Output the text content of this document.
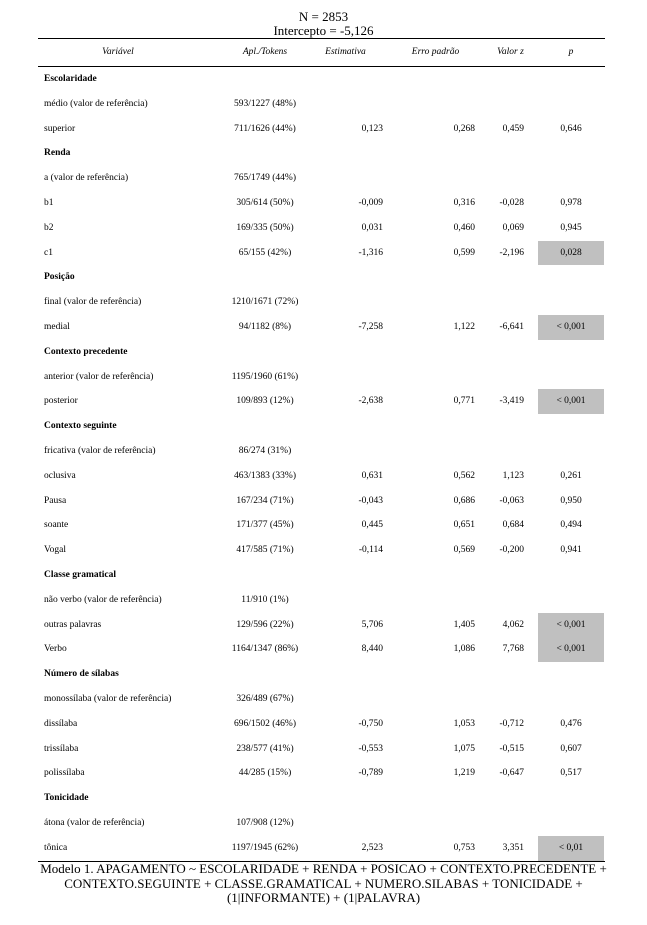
N = 2853
Intercepto = -5,126
Variável	Apl./Tokens	Estimativa	Erro padrão	Valor z	p
Escolaridade
médio (valor de referência)	593/1227 (48%)
superior	711/1626 (44%)	0,123	0,268	0,459	0,646
Renda
a (valor de referência)	765/1749 (44%)
b1	305/614 (50%)	-0,009	0,316	-0,028	0,978
b2	169/335 (50%)	0,031	0,460	0,069	0,945
c1	65/155 (42%)	-1,316	0,599	-2,196	0,028
Posição
final (valor de referência)	1210/1671 (72%)
medial	94/1182 (8%)	-7,258	1,122	-6,641	< 0,001
Contexto precedente
anterior (valor de referência)	1195/1960 (61%)
posterior	109/893 (12%)	-2,638	0,771	-3,419	< 0,001
Contexto seguinte
fricativa (valor de referência)	86/274 (31%)
oclusiva	463/1383 (33%)	0,631	0,562	1,123	0,261
Pausa	167/234 (71%)	-0,043	0,686	-0,063	0,950
soante	171/377 (45%)	0,445	0,651	0,684	0,494
Vogal	417/585 (71%)	-0,114	0,569	-0,200	0,941
Classe gramatical
não verbo (valor de referência)	11/910 (1%)
outras palavras	129/596 (22%)	5,706	1,405	4,062	< 0,001
Verbo	1164/1347 (86%)	8,440	1,086	7,768	< 0,001
Número de sílabas
monossílaba (valor de referência)	326/489 (67%)
dissílaba	696/1502 (46%)	-0,750	1,053	-0,712	0,476
trissílaba	238/577 (41%)	-0,553	1,075	-0,515	0,607
polissílaba	44/285 (15%)	-0,789	1,219	-0,647	0,517
Tonicidade
átona (valor de referência)	107/908 (12%)
tônica	1197/1945 (62%)	2,523	0,753	3,351	< 0,01
Modelo 1. APAGAMENTO ~ ESCOLARIDADE + RENDA + POSICAO + CONTEXTO.PRECEDENTE +
CONTEXTO.SEGUINTE + CLASSE.GRAMATICAL + NUMERO.SILABAS + TONICIDADE +
(1|INFORMANTE) + (1|PALAVRA)
